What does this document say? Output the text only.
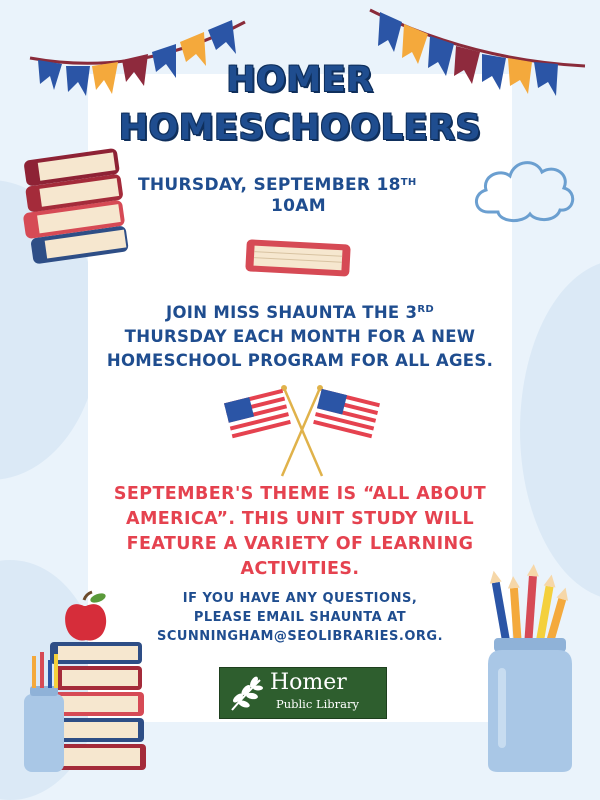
HOMER
HOMESCHOOLERS
THURSDAY, SEPTEMBER 18TH
10AM
JOIN MISS SHAUNTA THE 3RD
THURSDAY EACH MONTH FOR A NEW
HOMESCHOOL PROGRAM FOR ALL AGES.
SEPTEMBER'S THEME IS “ALL ABOUT
AMERICA”. THIS UNIT STUDY WILL
FEATURE A VARIETY OF LEARNING
ACTIVITIES.
IF YOU HAVE ANY QUESTIONS,
PLEASE EMAIL SHAUNTA AT
SCUNNINGHAM@SEOLIBRARIES.ORG.
Homer
Public Library
